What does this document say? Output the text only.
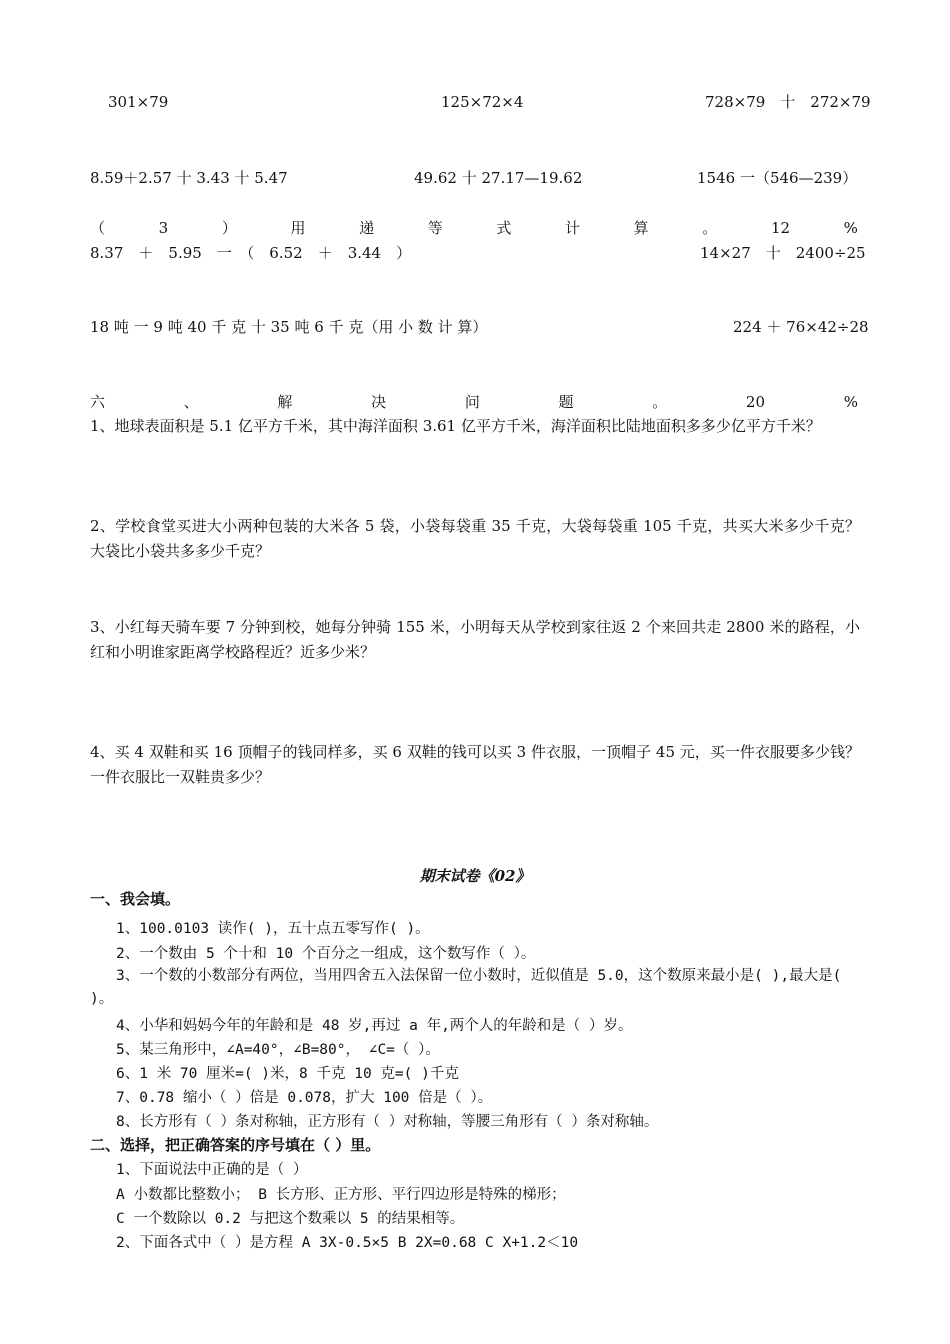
301×79	125×72×4	728×79　十　272×79
8.59＋2.57 十 3.43 十 5.47	49.62 十 27.17—19.62	1546 一（546—239）
（	3	）	用	递	等	式	计	算	。	12	%
8.37　＋　5.95　一　（　6.52　＋　3.44　）	14×27　十　2400÷25
18 吨 一 9 吨 40 千 克 十 35 吨 6 千 克（用 小 数 计 算）	224 ＋ 76×42÷28
六	、	解	决	问	题	。	20	%
1、地球表面积是 5.1 亿平方千米，其中海洋面积 3.61 亿平方千米，海洋面积比陆地面积多多少亿平方千米？
2、学校食堂买进大小两种包装的大米各 5 袋，小袋每袋重 35 千克，大袋每袋重 105 千克，共买大米多少千克？大袋比小袋共多多少千克？
3、小红每天骑车要 7 分钟到校，她每分钟骑 155 米，小明每天从学校到家往返 2 个来回共走 2800 米的路程，小红和小明谁家距离学校路程近？近多少米？
4、买 4 双鞋和买 16 顶帽子的钱同样多，买 6 双鞋的钱可以买 3 件衣服，一顶帽子 45 元，买一件衣服要多少钱？一件衣服比一双鞋贵多少？
期末试卷《02》
一、我会填。
1、100.0103 读作( )，五十点五零写作( )。
2、一个数由 5 个十和 10 个百分之一组成，这个数写作（ ）。
3、一个数的小数部分有两位，当用四舍五入法保留一位小数时，近似值是 5.0，这个数原来最小是( ),最大是( )。
4、小华和妈妈今年的年龄和是 48 岁,再过 a 年,两个人的年龄和是（ ）岁。
5、某三角形中，∠A=40°，∠B=80°， ∠C=（ ）。
6、1 米 70 厘米=( )米，8 千克 10 克=( )千克
7、0.78 缩小（ ）倍是 0.078，扩大 100 倍是（ ）。
8、长方形有（ ）条对称轴，正方形有（ ）对称轴，等腰三角形有（ ）条对称轴。
二、选择，把正确答案的序号填在（ ）里。
1、下面说法中正确的是（ ）
A 小数都比整数小； B 长方形、正方形、平行四边形是特殊的梯形；
C 一个数除以 0.2 与把这个数乘以 5 的结果相等。
2、下面各式中（ ）是方程 A 3X-0.5×5 B 2X=0.68 C X+1.2＜10
